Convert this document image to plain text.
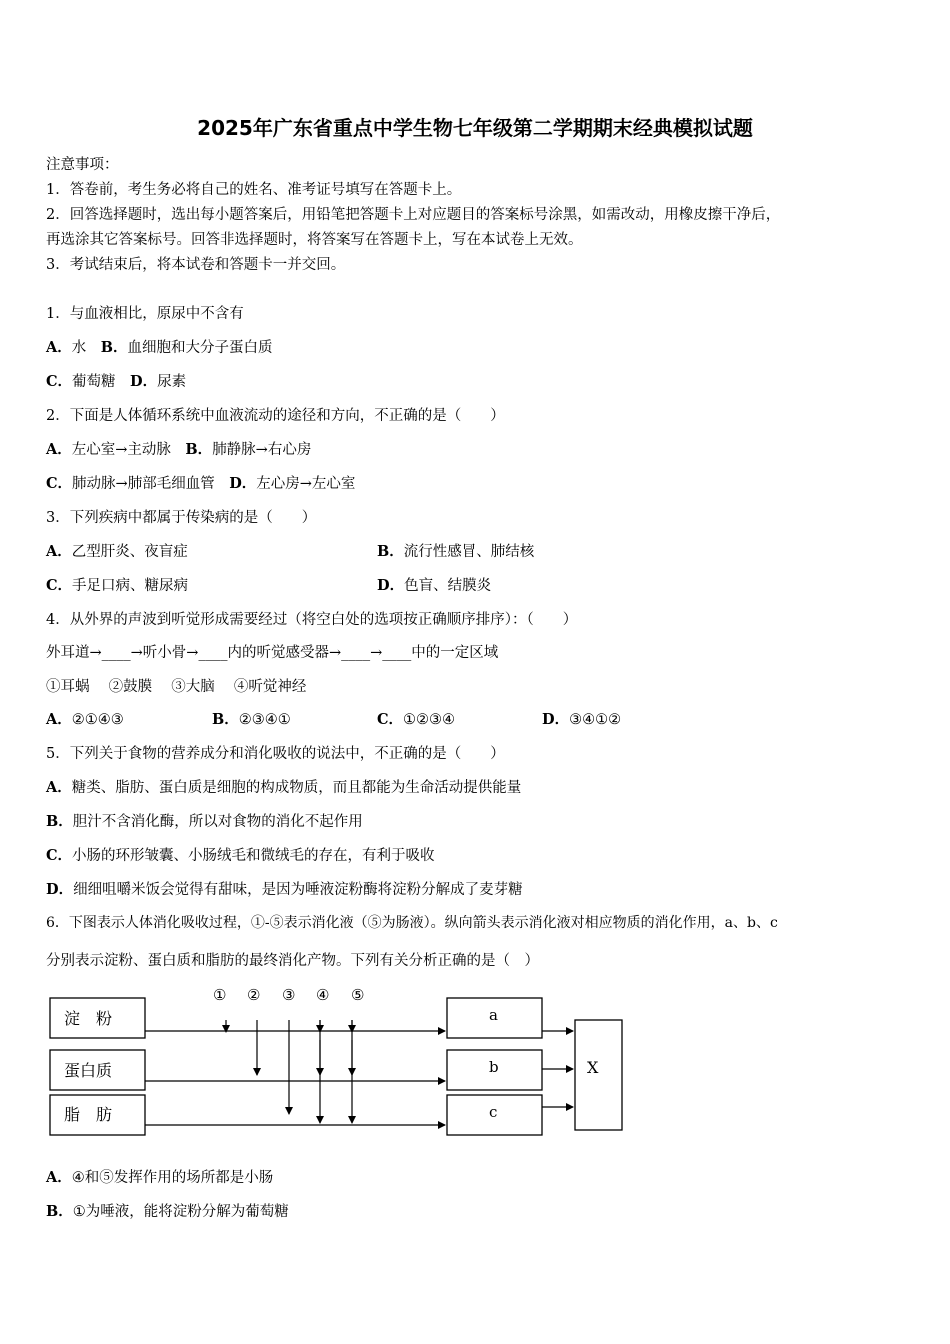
2025年广东省重点中学生物七年级第二学期期末经典模拟试题
注意事项：
1．答卷前，考生务必将自己的姓名、准考证号填写在答题卡上。
2．回答选择题时，选出每小题答案后，用铅笔把答题卡上对应题目的答案标号涂黑，如需改动，用橡皮擦干净后，
再选涂其它答案标号。回答非选择题时，将答案写在答题卡上，写在本试卷上无效。
3．考试结束后，将本试卷和答题卡一并交回。
1．与血液相比，原尿中不含有
A．水　 B．血细胞和大分子蛋白质
C．葡萄糖　 D．尿素
2．下面是人体循环系统中血液流动的途径和方向，不正确的是（　　）
A．左心室→主动脉　 B．肺静脉→右心房
C．肺动脉→肺部毛细血管　 D．左心房→左心室
3．下列疾病中都属于传染病的是（　　）
A．乙型肝炎、夜盲症	B．流行性感冒、肺结核
C．手足口病、糖尿病	D．色盲、结膜炎
4．从外界的声波到听觉形成需要经过（将空白处的选项按正确顺序排序）：（　　）
外耳道→____→听小骨→____内的听觉感受器→____→____中的一定区域
①耳蜗　 ②鼓膜　 ③大脑　 ④听觉神经
A．②①④③	B．②③④①	C．①②③④	D．③④①②
5．下列关于食物的营养成分和消化吸收的说法中，不正确的是（　　）
A．糖类、脂肪、蛋白质是细胞的构成物质，而且都能为生命活动提供能量
B．胆汁不含消化酶，所以对食物的消化不起作用
C．小肠的环形皱囊、小肠绒毛和微绒毛的存在，有利于吸收
D．细细咀嚼米饭会觉得有甜味，是因为唾液淀粉酶将淀粉分解成了麦芽糖
6．下图表示人体消化吸收过程，①-⑤表示消化液（⑤为肠液）。纵向箭头表示消化液对相应物质的消化作用，a、b、c
分别表示淀粉、蛋白质和脂肪的最终消化产物。下列有关分析正确的是（　）
淀　粉
蛋白质
脂　肪
① ② ③ ④ ⑤
a
b
c
X
A．④和⑤发挥作用的场所都是小肠
B．①为唾液，能将淀粉分解为葡萄糖
